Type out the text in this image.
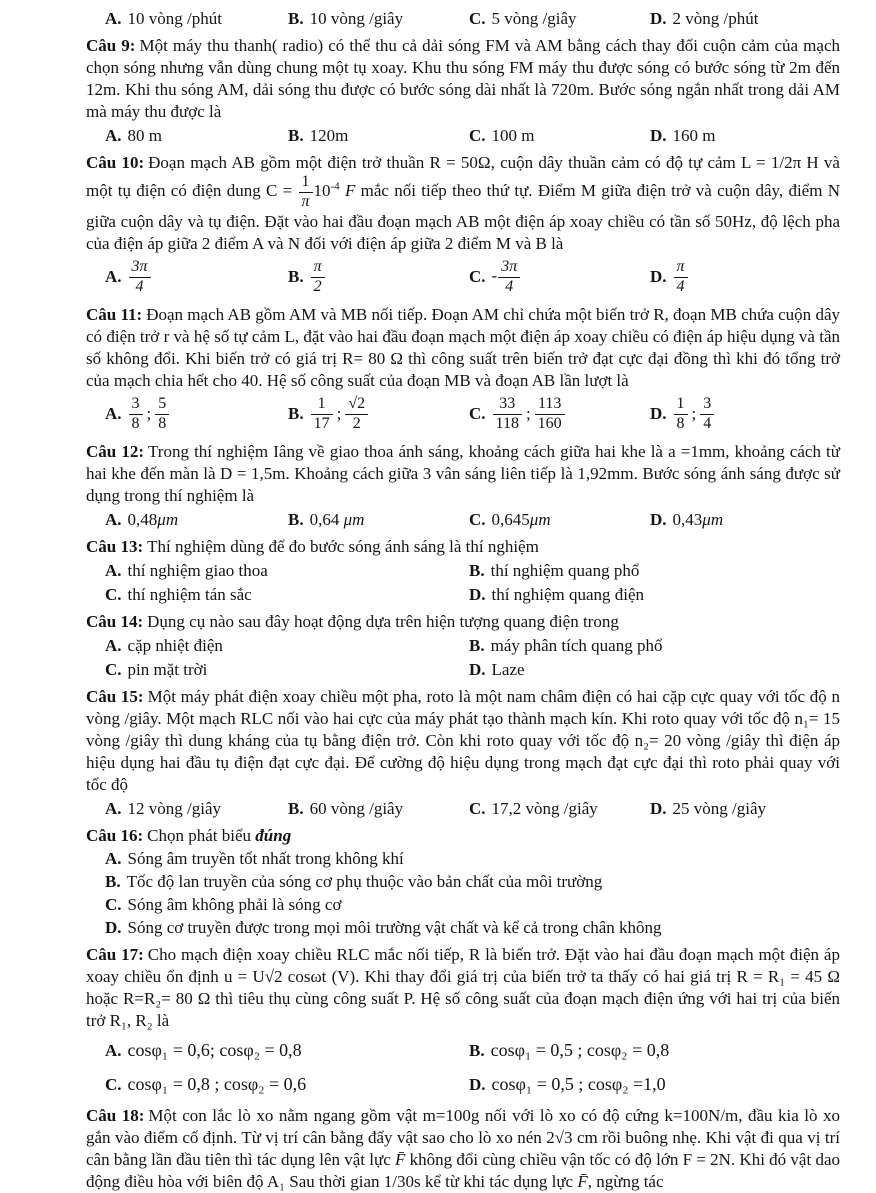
A. 10 vòng /phút	B. 10 vòng /giây	C. 5 vòng /giây	D. 2 vòng /phút

Câu 9: Một máy thu thanh( radio) có thể thu cả dải sóng FM và AM bằng cách thay đổi cuộn cảm của mạch chọn sóng nhưng vẫn dùng chung một tụ xoay. Khu thu sóng FM máy thu được sóng có bước sóng từ 2m đến 12m. Khi thu sóng AM, dải sóng thu được có bước sóng dài nhất là 720m. Bước sóng ngắn nhất trong dải AM mà máy thu được là

A. 80 m	B. 120m	C. 100 m	D. 160 m

Câu 10: Đoạn mạch AB gồm một điện trở thuần R = 50Ω, cuộn dây thuần cảm có độ tự cảm L = 1/2π H và một tụ điện có điện dung $C = \frac{1}{\pi} 10^{-4}$ F mắc nối tiếp theo thứ tự. Điểm M giữa điện trở và cuộn dây, điểm N giữa cuộn dây và tụ điện. Đặt vào hai đầu đoạn mạch AB một điện áp xoay chiều có tần số 50Hz, độ lệch pha của điện áp giữa 2 điểm A và N đối với điện áp giữa 2 điểm M và B là

A. $\frac{3\pi}{4}$	B. $\frac{\pi}{2}$	C. - $\frac{3\pi}{4}$	D. $\frac{\pi}{4}$

Câu 11: Đoạn mạch AB gồm AM và MB nối tiếp. Đoạn AM chỉ chứa một biến trở R, đoạn MB chứa cuộn dây có điện trở r và hệ số tự cảm L, đặt vào hai đầu đoạn mạch một điện áp xoay chiều có điện áp hiệu dụng và tần số không đổi. Khi biến trở có giá trị R= 80 Ω thì công suất trên biến trở đạt cực đại đồng thì khi đó tổng trở của mạch chia hết cho 40. Hệ số công suất của đoạn MB và đoạn AB lần lượt là

A. $\frac{3}{8}$ ; $\frac{5}{8}$	B. $\frac{1}{17}$ ; $\frac{√2}{2}$	C. $\frac{33}{118}$ ; $\frac{113}{160}$	D. $\frac{1}{8}$ ; $\frac{3}{4}$

Câu 12: Trong thí nghiệm Iâng về giao thoa ánh sáng, khoảng cách giữa hai khe là a =1mm, khoảng cách từ hai khe đến màn là D = 1,5m. Khoảng cách giữa 3 vân sáng liên tiếp là 1,92mm. Bước sóng ánh sáng được sử dụng trong thí nghiệm là

A. 0,48μm	B. 0,64 μm	C. 0,645μm	D. 0,43μm

Câu 13: Thí nghiệm dùng để đo bước sóng ánh sáng là thí nghiệm

A. thí nghiệm giao thoa	B. thí nghiệm quang phổ
C. thí nghiệm tán sắc	D. thí nghiệm quang điện

Câu 14: Dụng cụ nào sau đây hoạt động dựa trên hiện tượng quang điện trong

A. cặp nhiệt điện	B. máy phân tích quang phổ
C. pin mặt trời	D. Laze

Câu 15: Một máy phát điện xoay chiều một pha, roto là một nam châm điện có hai cặp cực quay với tốc độ n vòng /giây. Một mạch RLC nối vào hai cực của máy phát tạo thành mạch kín. Khi roto quay với tốc độ n₁= 15 vòng /giây thì dung kháng của tụ bằng điện trở. Còn khi roto quay với tốc độ n₂= 20 vòng /giây thì điện áp hiệu dụng hai đầu tụ điện đạt cực đại. Để cường độ hiệu dụng trong mạch đạt cực đại thì roto phải quay với tốc độ

A. 12 vòng /giây	B. 60 vòng /giây	C. 17,2 vòng /giây	D. 25 vòng /giây

Câu 16: Chọn phát biểu đúng

A. Sóng âm truyền tốt nhất trong không khí
B. Tốc độ lan truyền của sóng cơ phụ thuộc vào bản chất của môi trường
C. Sóng âm không phải là sóng cơ
D. Sóng cơ truyền được trong mọi môi trường vật chất và kể cả trong chân không

Câu 17: Cho mạch điện xoay chiều RLC mắc nối tiếp, R là biến trở. Đặt vào hai đầu đoạn mạch một điện áp xoay chiều ổn định u = U√2 cosωt (V). Khi thay đổi giá trị của biến trở ta thấy có hai giá trị R = R₁ = 45 Ω hoặc R=R₂= 80 Ω thì tiêu thụ cùng công suất P. Hệ số công suất của đoạn mạch điện ứng với hai trị của biến trở R₁, R₂ là

A. cosφ₁ = 0,6; cosφ₂ = 0,8	B. cosφ₁ = 0,5 ; cosφ₂ = 0,8
C. cosφ₁ = 0,8 ; cosφ₂ = 0,6	D. cosφ₁ = 0,5 ; cosφ₂ =1,0

Câu 18: Một con lắc lò xo nằm ngang gồm vật m=100g nối với lò xo có độ cứng k=100N/m, đầu kia lò xo gắn vào điểm cố định. Từ vị trí cân bằng đẩy vật sao cho lò xo nén 2√3 cm rồi buông nhẹ. Khi vật đi qua vị trí cân bằng lần đầu tiên thì tác dụng lên vật lực F̄ không đổi cùng chiều vận tốc có độ lớn F = 2N. Khi đó vật dao động điều hòa với biên độ A₁ Sau thời gian 1/30s kể từ khi tác dụng lực F̄, ngừng tác
